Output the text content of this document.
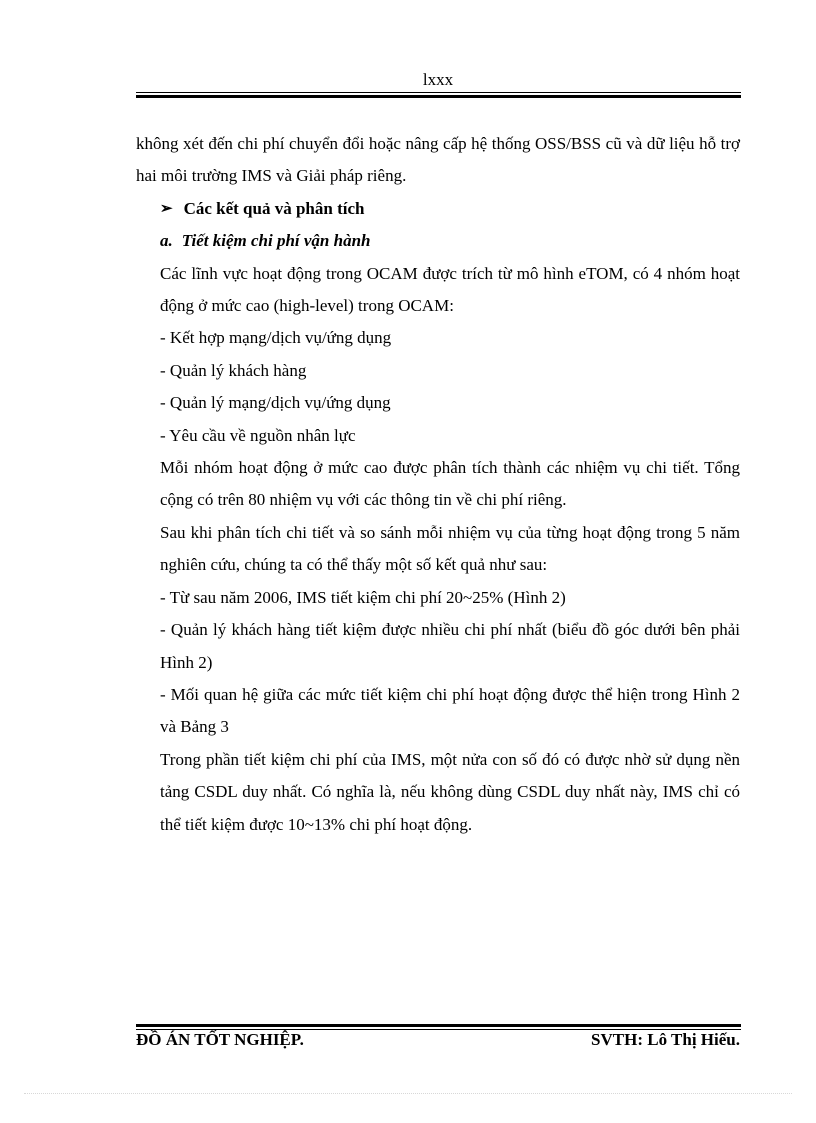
lxxx

không xét đến chi phí chuyển đổi hoặc nâng cấp hệ thống OSS/BSS cũ và dữ liệu hỗ trợ hai môi trường IMS và Giải pháp riêng.

➢ Các kết quả và phân tích

a. Tiết kiệm chi phí vận hành

Các lĩnh vực hoạt động trong OCAM được trích từ mô hình eTOM, có 4 nhóm hoạt động ở mức cao (high-level) trong OCAM:

- Kết hợp mạng/dịch vụ/ứng dụng

- Quản lý khách hàng

- Quản lý mạng/dịch vụ/ứng dụng

- Yêu cầu về nguồn nhân lực

Mỗi nhóm hoạt động ở mức cao được phân tích thành các nhiệm vụ chi tiết. Tổng cộng có trên 80 nhiệm vụ với các thông tin về chi phí riêng.

Sau khi phân tích chi tiết và so sánh mỗi nhiệm vụ của từng hoạt động trong 5 năm nghiên cứu, chúng ta có thể thấy một số kết quả như sau:

- Từ sau năm 2006, IMS tiết kiệm chi phí 20~25% (Hình 2)

- Quản lý khách hàng tiết kiệm được nhiều chi phí nhất (biểu đồ góc dưới bên phải Hình 2)

- Mối quan hệ giữa các mức tiết kiệm chi phí hoạt động được thể hiện trong Hình 2 và Bảng 3

Trong phần tiết kiệm chi phí của IMS, một nửa con số đó có được nhờ sử dụng nền tảng CSDL duy nhất. Có nghĩa là, nếu không dùng CSDL duy nhất này, IMS chỉ có thể tiết kiệm được 10~13% chi phí hoạt động.

ĐỒ ÁN TỐT NGHIỆP.	SVTH: Lô Thị Hiếu.
